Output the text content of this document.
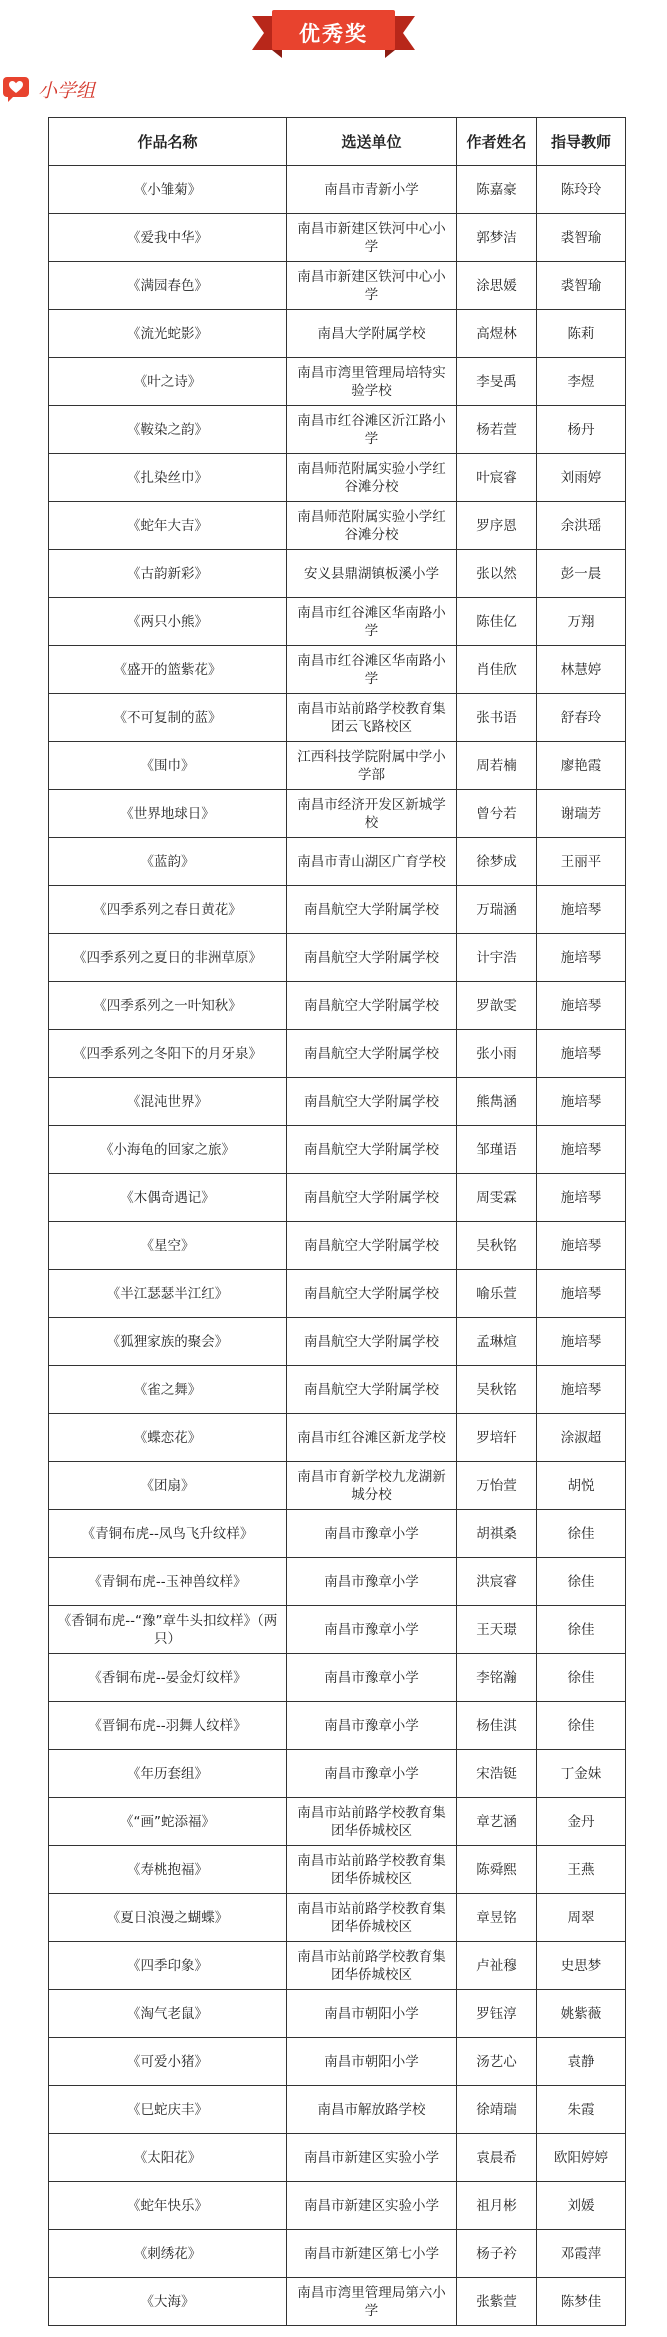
优秀奖
小学组
作品名称	选送单位	作者姓名	指导教师
《小雏菊》	南昌市青新小学	陈嘉豪	陈玲玲
《爱我中华》	南昌市新建区铁河中心小学	郭梦洁	裘智瑜
《满园春色》	南昌市新建区铁河中心小学	涂思媛	裘智瑜
《流光蛇影》	南昌大学附属学校	高煜林	陈莉
《叶之诗》	南昌市湾里管理局培特实验学校	李旻禹	李煜
《鞍染之韵》	南昌市红谷滩区沂江路小学	杨若萱	杨丹
《扎染丝巾》	南昌师范附属实验小学红谷滩分校	叶宸睿	刘雨婷
《蛇年大吉》	南昌师范附属实验小学红谷滩分校	罗序恩	余洪瑶
《古韵新彩》	安义县鼎湖镇板溪小学	张以然	彭一晨
《两只小熊》	南昌市红谷滩区华南路小学	陈佳亿	万翔
《盛开的篮紫花》	南昌市红谷滩区华南路小学	肖佳欣	林慧婷
《不可复制的蓝》	南昌市站前路学校教育集团云飞路校区	张书语	舒春玲
《围巾》	江西科技学院附属中学小学部	周若楠	廖艳霞
《世界地球日》	南昌市经济开发区新城学校	曾兮若	谢瑞芳
《蓝韵》	南昌市青山湖区广育学校	徐梦成	王丽平
《四季系列之春日黄花》	南昌航空大学附属学校	万瑞涵	施培琴
《四季系列之夏日的非洲草原》	南昌航空大学附属学校	计宇浩	施培琴
《四季系列之一叶知秋》	南昌航空大学附属学校	罗歆雯	施培琴
《四季系列之冬阳下的月牙泉》	南昌航空大学附属学校	张小雨	施培琴
《混沌世界》	南昌航空大学附属学校	熊雋涵	施培琴
《小海龟的回家之旅》	南昌航空大学附属学校	邹瑾语	施培琴
《木偶奇遇记》	南昌航空大学附属学校	周雯霖	施培琴
《星空》	南昌航空大学附属学校	吴秋铭	施培琴
《半江瑟瑟半江红》	南昌航空大学附属学校	喻乐萱	施培琴
《狐狸家族的聚会》	南昌航空大学附属学校	孟琳煊	施培琴
《雀之舞》	南昌航空大学附属学校	吴秋铭	施培琴
《蝶恋花》	南昌市红谷滩区新龙学校	罗培轩	涂淑超
《团扇》	南昌市育新学校九龙湖新城分校	万怡萱	胡悦
《青铜布虎--凤鸟飞升纹样》	南昌市豫章小学	胡祺桑	徐佳
《青铜布虎--玉神兽纹样》	南昌市豫章小学	洪宸睿	徐佳
《香铜布虎--“豫”章牛头扣纹样》（两只）	南昌市豫章小学	王天璟	徐佳
《香铜布虎--晏金灯纹样》	南昌市豫章小学	李铭瀚	徐佳
《晋铜布虎--羽舞人纹样》	南昌市豫章小学	杨佳淇	徐佳
《年历套组》	南昌市豫章小学	宋浩铤	丁金妹
《“画”蛇添福》	南昌市站前路学校教育集团华侨城校区	章艺涵	金丹
《寿桃抱福》	南昌市站前路学校教育集团华侨城校区	陈舜熙	王燕
《夏日浪漫之蝴蝶》	南昌市站前路学校教育集团华侨城校区	章昱铭	周翠
《四季印象》	南昌市站前路学校教育集团华侨城校区	卢祉穆	史思梦
《淘气老鼠》	南昌市朝阳小学	罗钰淳	姚紫薇
《可爱小猪》	南昌市朝阳小学	汤艺心	袁静
《巳蛇庆丰》	南昌市解放路学校	徐靖瑞	朱霞
《太阳花》	南昌市新建区实验小学	袁晨希	欧阳婷婷
《蛇年快乐》	南昌市新建区实验小学	祖月彬	刘媛
《刺绣花》	南昌市新建区第七小学	杨子衿	邓霞萍
《大海》	南昌市湾里管理局第六小学	张紫萱	陈梦佳
